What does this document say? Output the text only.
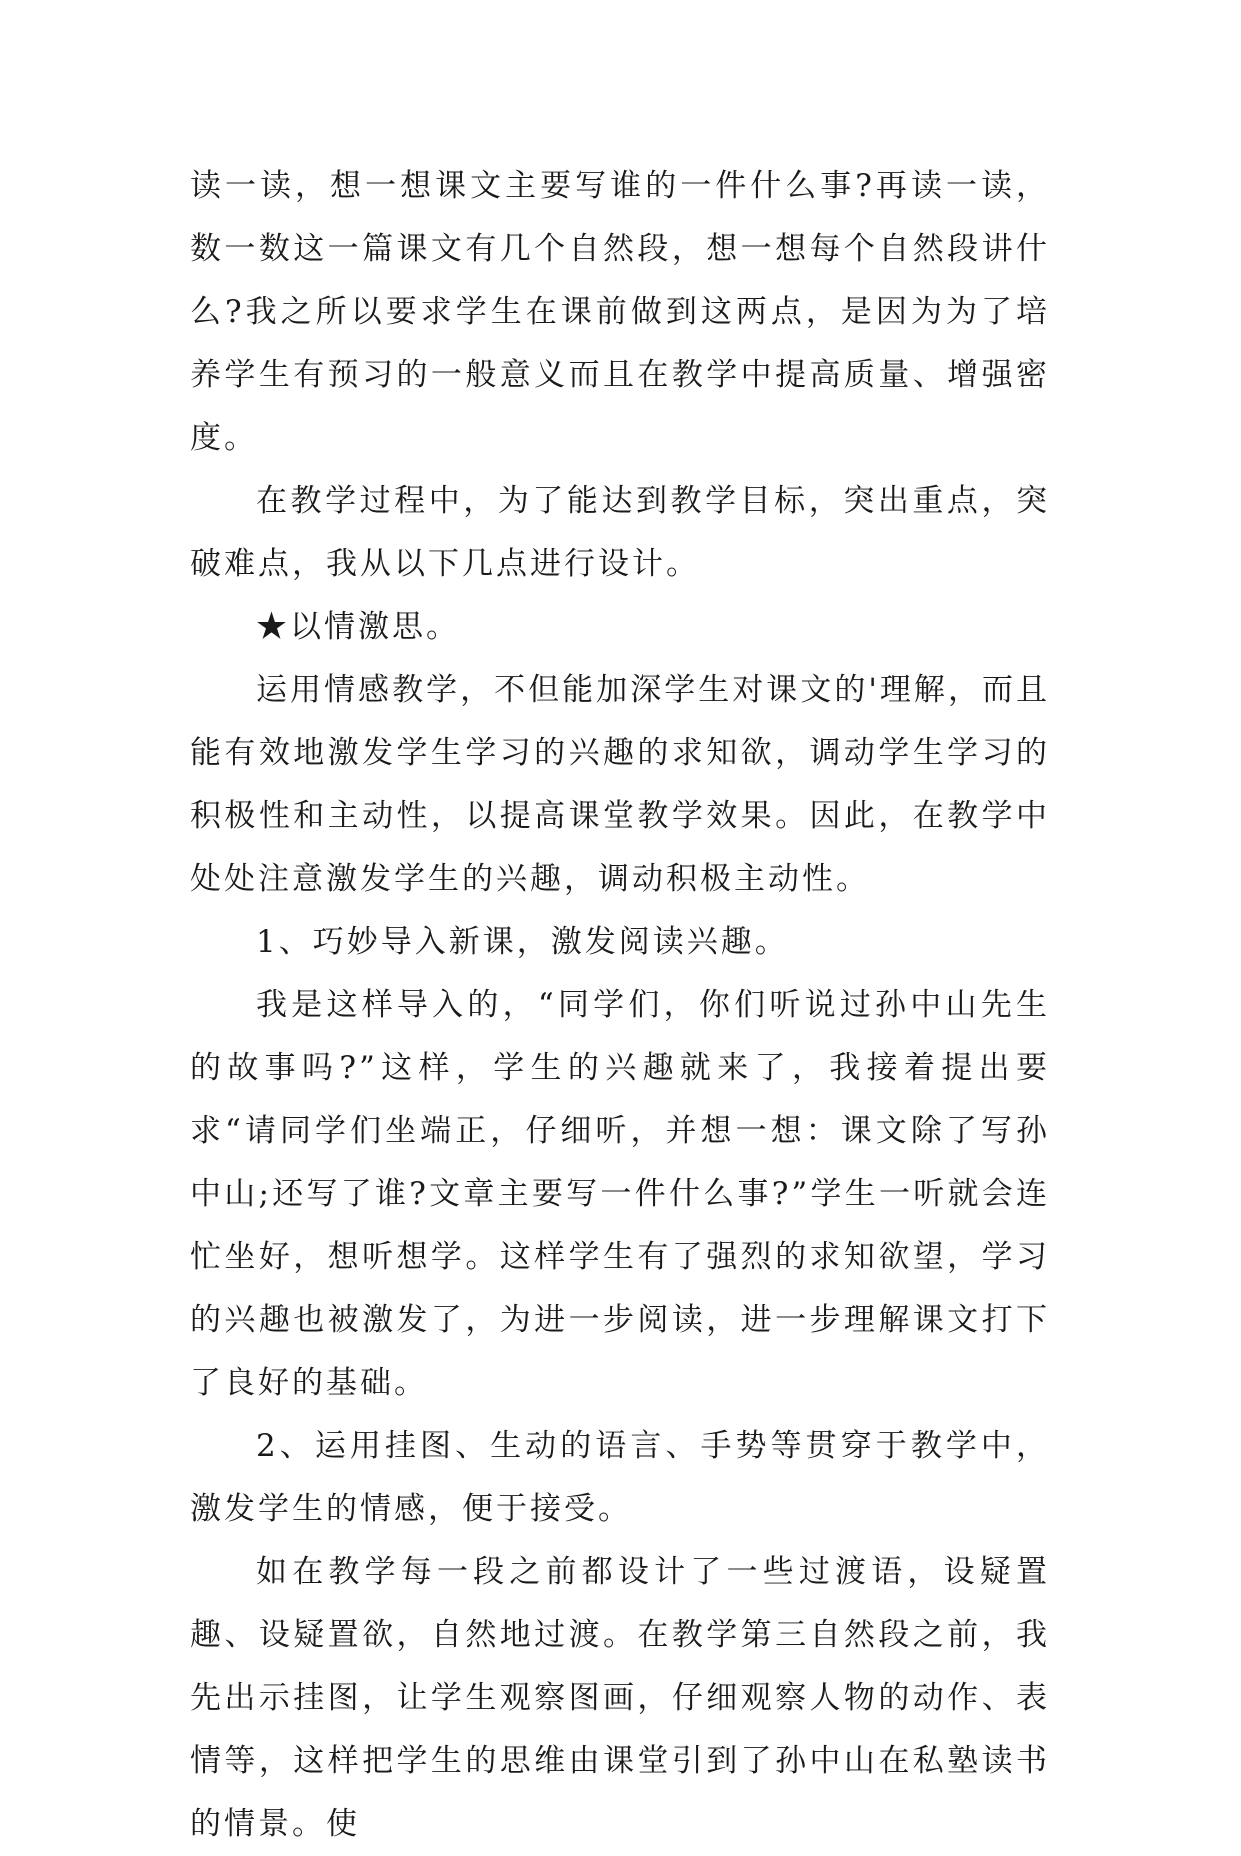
读一读，想一想课文主要写谁的一件什么事?再读一读，数一数这一篇课文有几个自然段，想一想每个自然段讲什么?我之所以要求学生在课前做到这两点，是因为为了培养学生有预习的一般意义而且在教学中提高质量、增强密度。

在教学过程中，为了能达到教学目标，突出重点，突破难点，我从以下几点进行设计。

★以情激思。

运用情感教学，不但能加深学生对课文的'理解，而且能有效地激发学生学习的兴趣的求知欲，调动学生学习的积极性和主动性，以提高课堂教学效果。因此，在教学中处处注意激发学生的兴趣，调动积极主动性。

1、巧妙导入新课，激发阅读兴趣。

我是这样导入的，“同学们，你们听说过孙中山先生的故事吗?”这样，学生的兴趣就来了，我接着提出要求“请同学们坐端正，仔细听，并想一想：课文除了写孙中山;还写了谁?文章主要写一件什么事?”学生一听就会连忙坐好，想听想学。这样学生有了强烈的求知欲望，学习的兴趣也被激发了，为进一步阅读，进一步理解课文打下了良好的基础。

2、运用挂图、生动的语言、手势等贯穿于教学中，激发学生的情感，便于接受。

如在教学每一段之前都设计了一些过渡语，设疑置趣、设疑置欲，自然地过渡。在教学第三自然段之前，我先出示挂图，让学生观察图画，仔细观察人物的动作、表情等，这样把学生的思维由课堂引到了孙中山在私塾读书的情景。使
